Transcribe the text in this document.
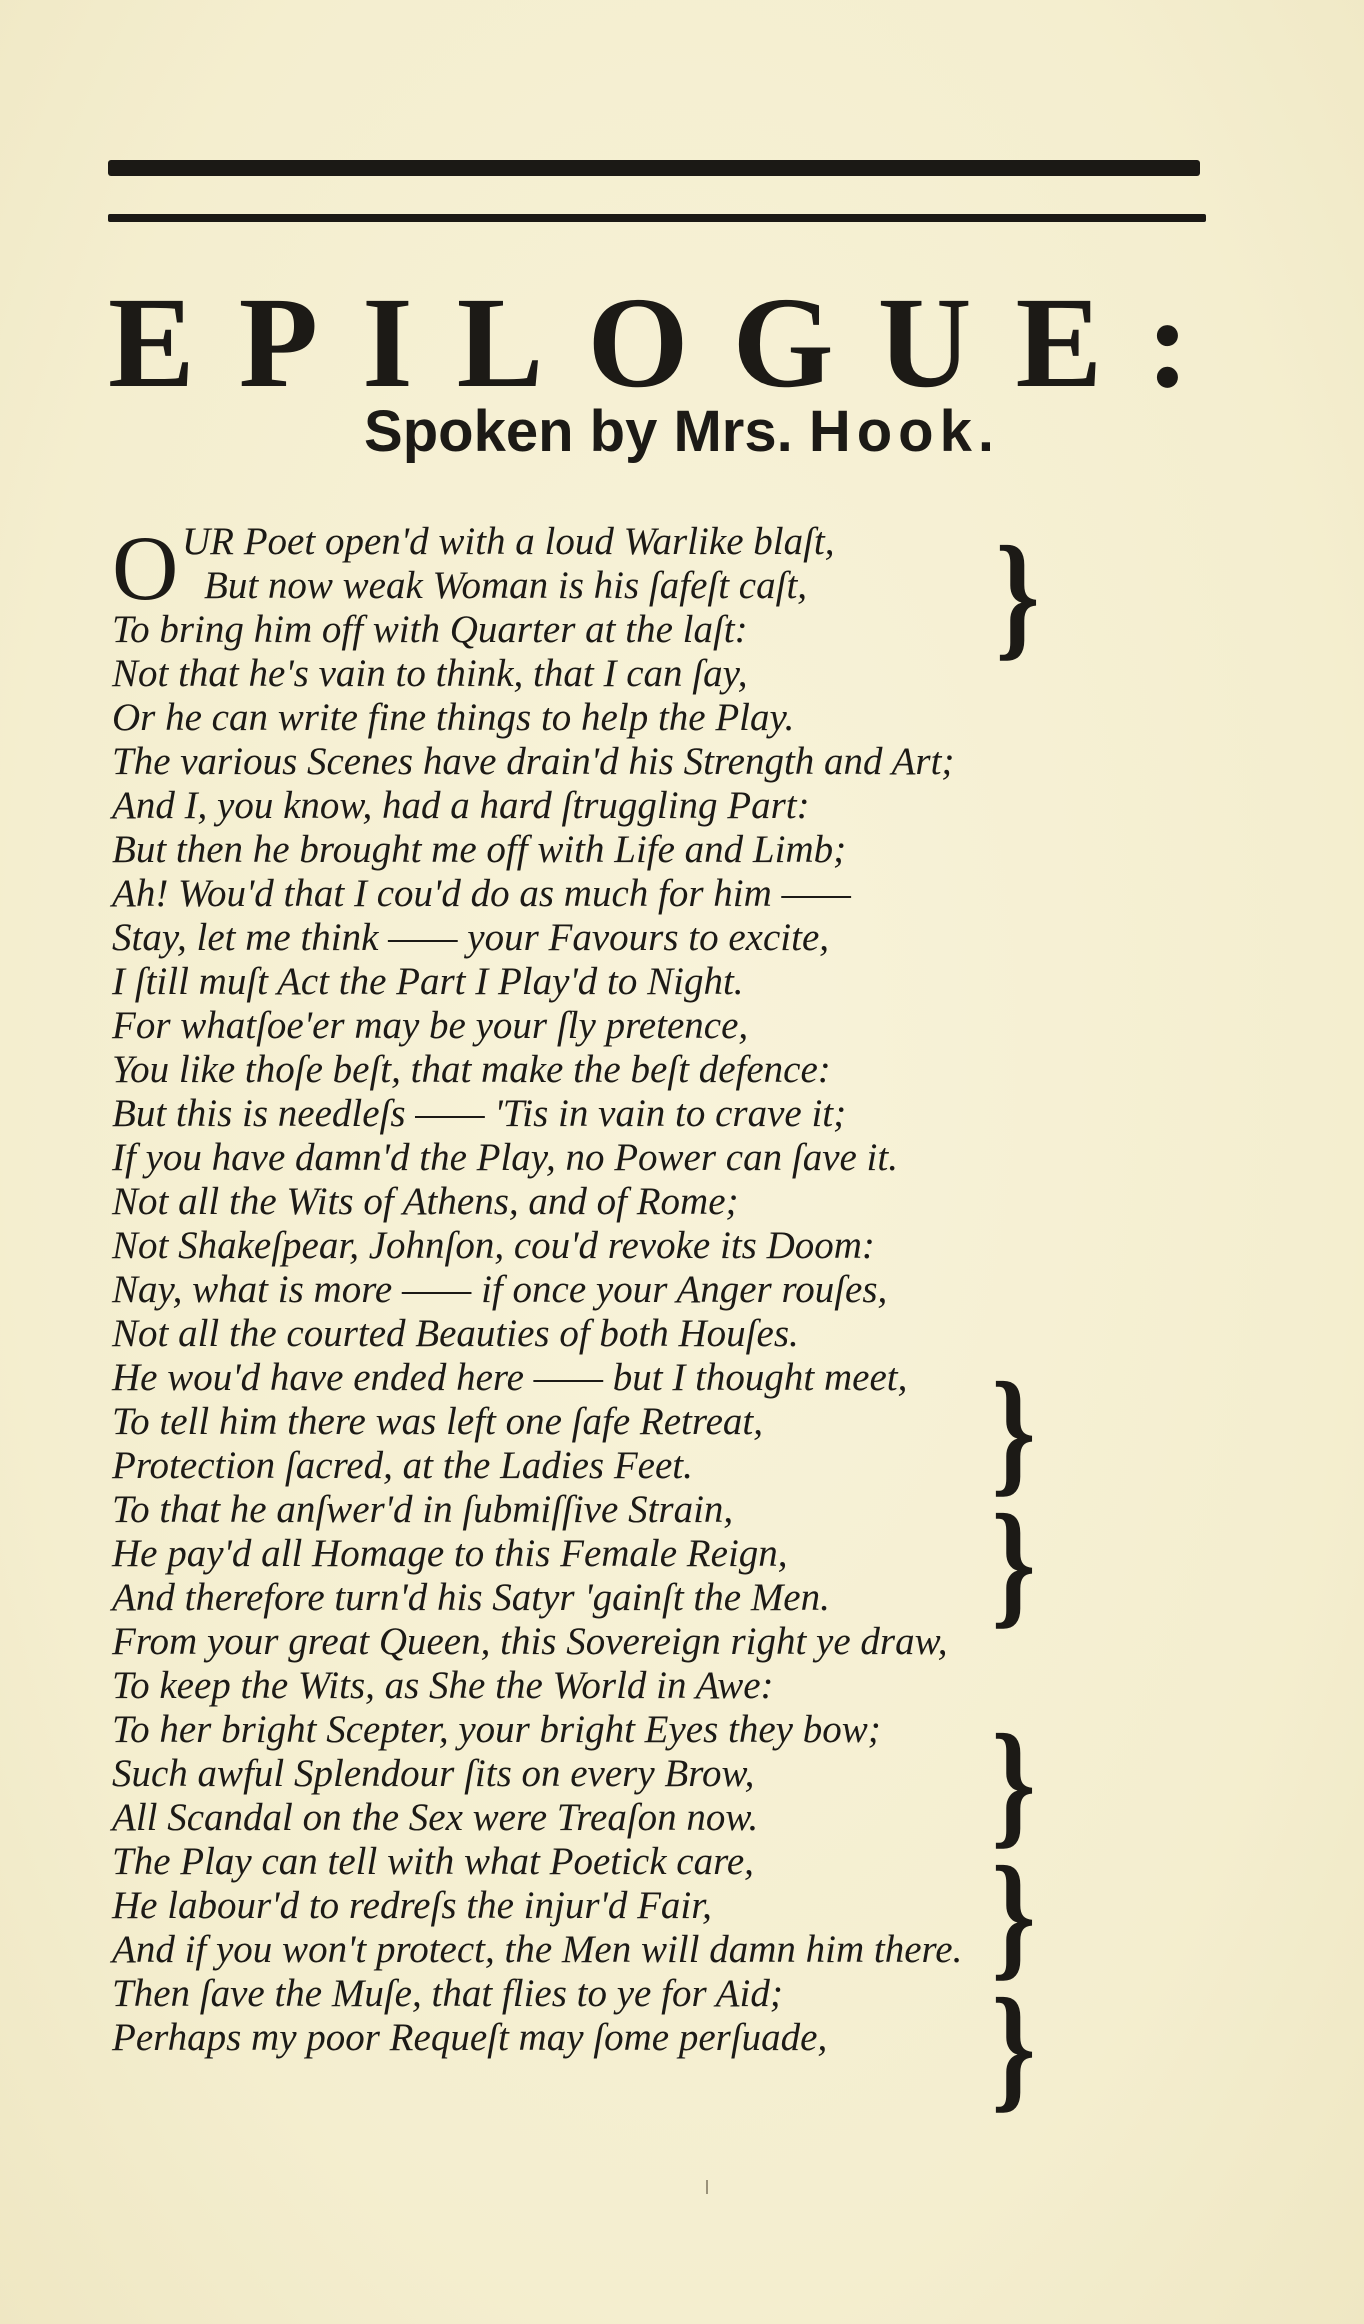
EPILOGUE:
Spoken by Mrs. Hook.
O UR Poet open'd with a loud Warlike blaſt,
But now weak Woman is his ſafeſt caſt,
To bring him off with Quarter at the laſt:
Not that he's vain to think, that I can ſay,
Or he can write fine things to help the Play.
The various Scenes have drain'd his Strength and Art;
And I, you know, had a hard ſtruggling Part:
But then he brought me off with Life and Limb;
Ah! Wou'd that I cou'd do as much for him ——
Stay, let me think —— your Favours to excite,
I ſtill muſt Act the Part I Play'd to Night.
For whatſoe'er may be your ſly pretence,
You like thoſe beſt, that make the beſt defence:
But this is needleſs —— 'Tis in vain to crave it;
If you have damn'd the Play, no Power can ſave it.
Not all the Wits of Athens, and of Rome;
Not Shakeſpear, Johnſon, cou'd revoke its Doom:
Nay, what is more —— if once your Anger rouſes,
Not all the courted Beauties of both Houſes.
He wou'd have ended here —— but I thought meet,
To tell him there was left one ſafe Retreat,
Protection ſacred, at the Ladies Feet.
To that he anſwer'd in ſubmiſſive Strain,
He pay'd all Homage to this Female Reign,
And therefore turn'd his Satyr 'gainſt the Men.
From your great Queen, this Sovereign right ye draw,
To keep the Wits, as She the World in Awe:
To her bright Scepter, your bright Eyes they bow;
Such awful Splendour ſits on every Brow,
All Scandal on the Sex were Treaſon now.
The Play can tell with what Poetick care,
He labour'd to redreſs the injur'd Fair,
And if you won't protect, the Men will damn him there.
Then ſave the Muſe, that flies to ye for Aid;
Perhaps my poor Requeſt may ſome perſuade,
}
}
}
}
}
}
